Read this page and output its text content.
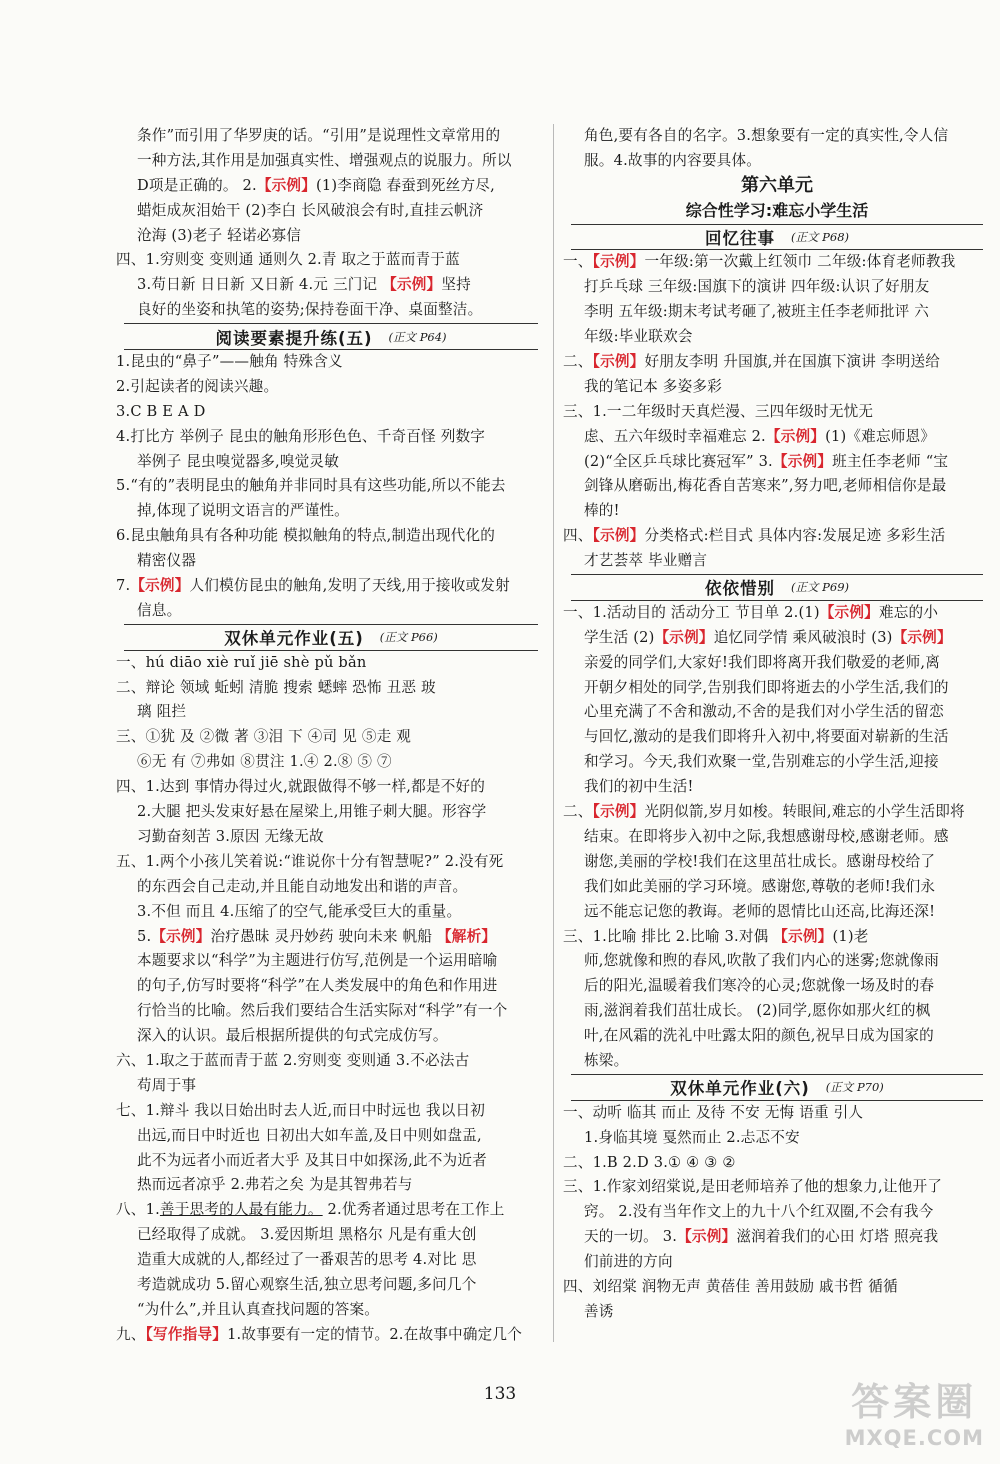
条作”而引用了华罗庚的话。“引用”是说理性文章常用的
一种方法,其作用是加强真实性、增强观点的说服力。所以
D项是正确的。 2.【示例】(1)李商隐 春蚕到死丝方尽,
蜡炬成灰泪始干 (2)李白 长风破浪会有时,直挂云帆济
沧海 (3)老子 轻诺必寡信
四、1.穷则变 变则通 通则久 2.青 取之于蓝而青于蓝
3.苟日新 日日新 又日新 4.元 三门记 【示例】坚持
良好的坐姿和执笔的姿势;保持卷面干净、桌面整洁。
阅读要素提升练(五) (正文 P64)
1.昆虫的“鼻子”——触角 特殊含义
2.引起读者的阅读兴趣。
3.C B E A D
4.打比方 举例子 昆虫的触角形形色色、千奇百怪 列数字
举例子 昆虫嗅觉器多,嗅觉灵敏
5.“有的”表明昆虫的触角并非同时具有这些功能,所以不能去
掉,体现了说明文语言的严谨性。
6.昆虫触角具有各种功能 模拟触角的特点,制造出现代化的
精密仪器
7.【示例】人们模仿昆虫的触角,发明了天线,用于接收或发射
信息。
双休单元作业(五) (正文 P66)
一、hú diāo xiè ruǐ jiē shè pǔ bǎn
二、辩论 领域 蚯蚓 清脆 搜索 蟋蟀 恐怖 丑恶 玻
璃 阻拦
三、①犹 及 ②微 著 ③泪 下 ④司 见 ⑤走 观
⑥无 有 ⑦弗如 ⑧贯注 1.④ 2.⑧ ⑤ ⑦
四、1.达到 事情办得过火,就跟做得不够一样,都是不好的
2.大腿 把头发束好悬在屋梁上,用锥子刺大腿。形容学
习勤奋刻苦 3.原因 无缘无故
五、1.两个小孩儿笑着说:“谁说你十分有智慧呢?” 2.没有死
的东西会自己走动,并且能自动地发出和谐的声音。
3.不但 而且 4.压缩了的空气,能承受巨大的重量。
5.【示例】治疗愚昧 灵丹妙药 驶向未来 帆船 【解析】
本题要求以“科学”为主题进行仿写,范例是一个运用暗喻
的句子,仿写时要将“科学”在人类发展中的角色和作用进
行恰当的比喻。然后我们要结合生活实际对“科学”有一个
深入的认识。最后根据所提供的句式完成仿写。
六、1.取之于蓝而青于蓝 2.穷则变 变则通 3.不必法古
苟周于事
七、1.辩斗 我以日始出时去人近,而日中时远也 我以日初
出远,而日中时近也 日初出大如车盖,及日中则如盘盂,
此不为远者小而近者大乎 及其日中如探汤,此不为近者
热而远者凉乎 2.弗若之矣 为是其智弗若与
八、1.善于思考的人最有能力。 2.优秀者通过思考在工作上
已经取得了成就。 3.爱因斯坦 黑格尔 凡是有重大创
造重大成就的人,都经过了一番艰苦的思考 4.对比 思
考造就成功 5.留心观察生活,独立思考问题,多问几个
“为什么”,并且认真查找问题的答案。
九、【写作指导】1.故事要有一定的情节。2.在故事中确定几个
角色,要有各自的名字。3.想象要有一定的真实性,令人信
服。4.故事的内容要具体。
第六单元
综合性学习:难忘小学生活
回忆往事 (正文 P68)
一、【示例】一年级:第一次戴上红领巾 二年级:体育老师教我
打乒乓球 三年级:国旗下的演讲 四年级:认识了好朋友
李明 五年级:期末考试考砸了,被班主任李老师批评 六
年级:毕业联欢会
二、【示例】好朋友李明 升国旗,并在国旗下演讲 李明送给
我的笔记本 多姿多彩
三、1.一二年级时天真烂漫、三四年级时无忧无
虑、五六年级时幸福难忘 2.【示例】(1)《难忘师恩》
(2)“全区乒乓球比赛冠军” 3.【示例】班主任李老师 “宝
剑锋从磨砺出,梅花香自苦寒来”,努力吧,老师相信你是最
棒的!
四、【示例】分类格式:栏目式 具体内容:发展足迹 多彩生活
才艺荟萃 毕业赠言
依依惜别 (正文 P69)
一、1.活动目的 活动分工 节目单 2.(1)【示例】难忘的小
学生活 (2)【示例】追忆同学情 乘风破浪时 (3)【示例】
亲爱的同学们,大家好!我们即将离开我们敬爱的老师,离
开朝夕相处的同学,告别我们即将逝去的小学生活,我们的
心里充满了不舍和激动,不舍的是我们对小学生活的留恋
与回忆,激动的是我们即将升入初中,将要面对崭新的生活
和学习。今天,我们欢聚一堂,告别难忘的小学生活,迎接
我们的初中生活!
二、【示例】光阴似箭,岁月如梭。转眼间,难忘的小学生活即将
结束。在即将步入初中之际,我想感谢母校,感谢老师。感
谢您,美丽的学校!我们在这里茁壮成长。感谢母校给了
我们如此美丽的学习环境。感谢您,尊敬的老师!我们永
远不能忘记您的教诲。老师的恩情比山还高,比海还深!
三、1.比喻 排比 2.比喻 3.对偶 【示例】(1)老
师,您就像和煦的春风,吹散了我们内心的迷雾;您就像雨
后的阳光,温暖着我们寒冷的心灵;您就像一场及时的春
雨,滋润着我们茁壮成长。 (2)同学,愿你如那火红的枫
叶,在风霜的洗礼中吐露太阳的颜色,祝早日成为国家的
栋梁。
双休单元作业(六) (正文 P70)
一、动听 临其 而止 及待 不安 无悔 语重 引人
1.身临其境 戛然而止 2.忐忑不安
二、1.B 2.D 3.① ④ ③ ②
三、1.作家刘绍棠说,是田老师培养了他的想象力,让他开了
窍。 2.没有当年作文上的九十八个红双圈,不会有我今
天的一切。 3.【示例】滋润着我们的心田 灯塔 照亮我
们前进的方向
四、刘绍棠 润物无声 黄蓓佳 善用鼓励 戚书哲 循循
善诱
133	答案圈
MXQE.COM
